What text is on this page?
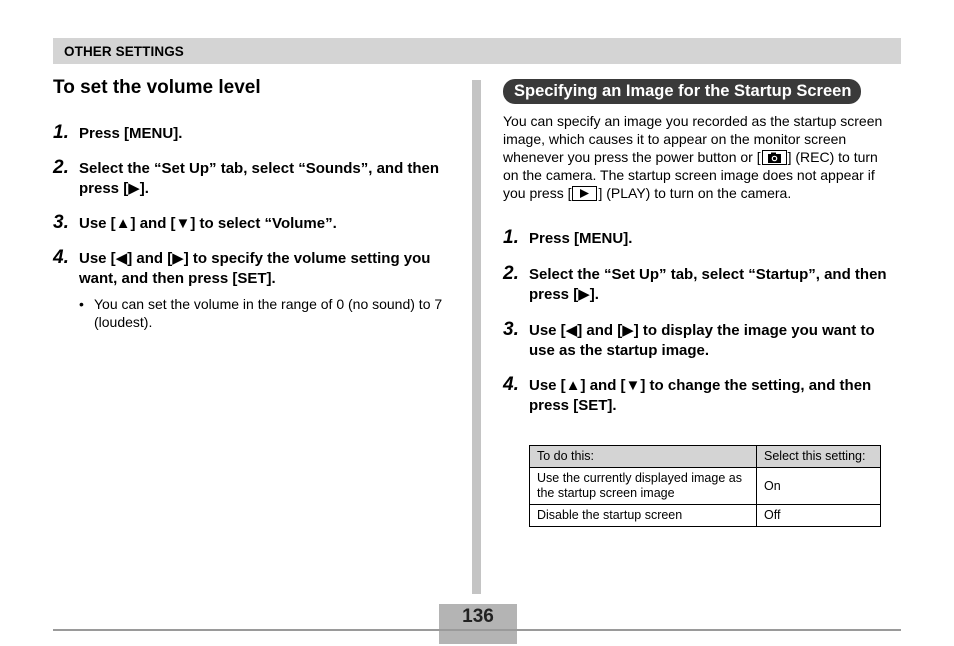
OTHER SETTINGS
To set the volume level
1. Press [MENU].
2. Select the “Set Up” tab, select “Sounds”, and then press [▶].
3. Use [▲] and [▼] to select “Volume”.
4. Use [◀] and [▶] to specify the volume setting you want, and then press [SET].
• You can set the volume in the range of 0 (no sound) to 7 (loudest).
Specifying an Image for the Startup Screen

You can specify an image you recorded as the startup screen image, which causes it to appear on the monitor screen whenever you press the power button or [ ] (REC) to turn on the camera. The startup screen image does not appear if you press [ ] (PLAY) to turn on the camera.

1. Press [MENU].
2. Select the “Set Up” tab, select “Startup”, and then press [▶].
3. Use [◀] and [▶] to display the image you want to use as the startup image.
4. Use [▲] and [▼] to change the setting, and then press [SET].
To do this:	Select this setting:
Use the currently displayed image as the startup screen image	On
Disable the startup screen	Off
136
